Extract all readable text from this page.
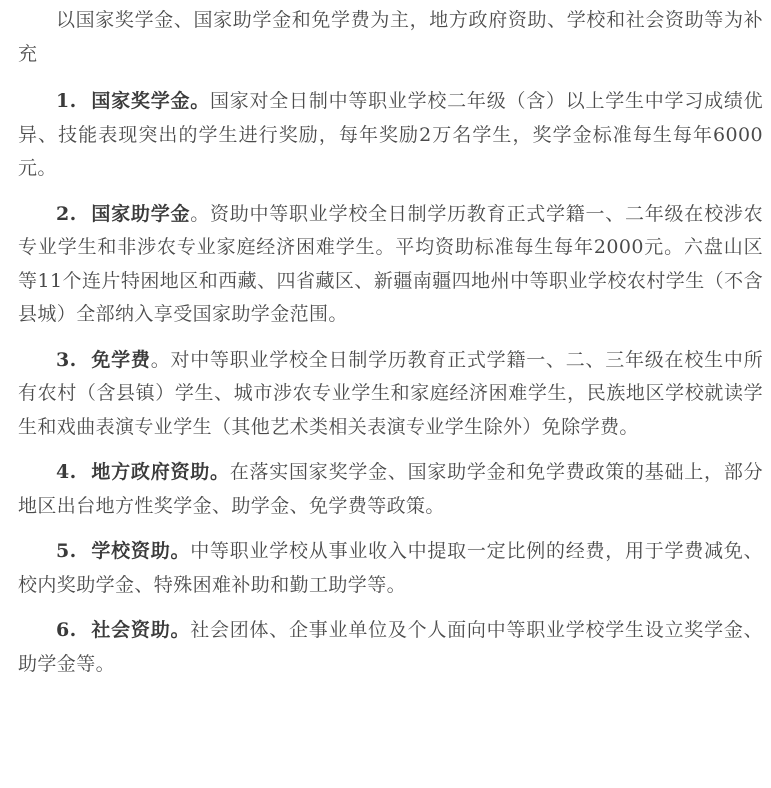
以国家奖学金、国家助学金和免学费为主，地方政府资助、学校和社会资助等为补充

1. 国家奖学金。国家对全日制中等职业学校二年级（含）以上学生中学习成绩优异、技能表现突出的学生进行奖励，每年奖励2万名学生，奖学金标准每生每年6000元。

2. 国家助学金。资助中等职业学校全日制学历教育正式学籍一、二年级在校涉农专业学生和非涉农专业家庭经济困难学生。平均资助标准每生每年2000元。六盘山区等11个连片特困地区和西藏、四省藏区、新疆南疆四地州中等职业学校农村学生（不含县城）全部纳入享受国家助学金范围。

3. 免学费。对中等职业学校全日制学历教育正式学籍一、二、三年级在校生中所有农村（含县镇）学生、城市涉农专业学生和家庭经济困难学生，民族地区学校就读学生和戏曲表演专业学生（其他艺术类相关表演专业学生除外）免除学费。

4. 地方政府资助。在落实国家奖学金、国家助学金和免学费政策的基础上，部分地区出台地方性奖学金、助学金、免学费等政策。

5. 学校资助。中等职业学校从事业收入中提取一定比例的经费，用于学费减免、校内奖助学金、特殊困难补助和勤工助学等。

6. 社会资助。社会团体、企事业单位及个人面向中等职业学校学生设立奖学金、助学金等。
